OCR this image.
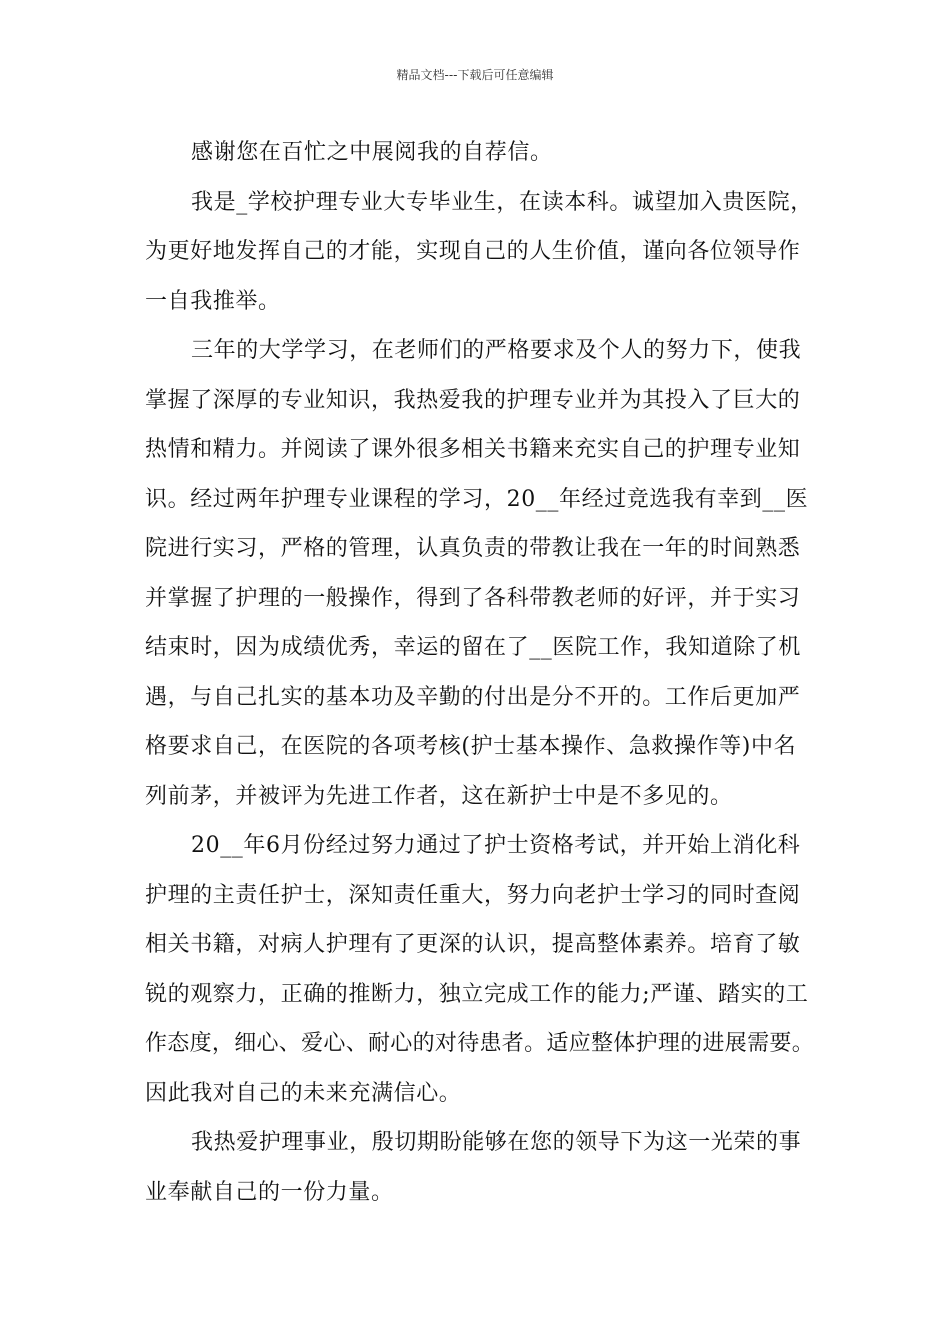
精品文档---下载后可任意编辑
感谢您在百忙之中展阅我的自荐信。
我是_学校护理专业大专毕业生，在读本科。诚望加入贵医院，
为更好地发挥自己的才能，实现自己的人生价值，谨向各位领导作
一自我推举。
三年的大学学习，在老师们的严格要求及个人的努力下，使我
掌握了深厚的专业知识，我热爱我的护理专业并为其投入了巨大的
热情和精力。并阅读了课外很多相关书籍来充实自己的护理专业知
识。经过两年护理专业课程的学习，20__年经过竞选我有幸到__医
院进行实习，严格的管理，认真负责的带教让我在一年的时间熟悉
并掌握了护理的一般操作，得到了各科带教老师的好评，并于实习
结束时，因为成绩优秀，幸运的留在了__医院工作，我知道除了机
遇，与自己扎实的基本功及辛勤的付出是分不开的。工作后更加严
格要求自己，在医院的各项考核(护士基本操作、急救操作等)中名
列前茅，并被评为先进工作者，这在新护士中是不多见的。
20__年6月份经过努力通过了护士资格考试，并开始上消化科
护理的主责任护士，深知责任重大，努力向老护士学习的同时查阅
相关书籍，对病人护理有了更深的认识，提高整体素养。培育了敏
锐的观察力，正确的推断力，独立完成工作的能力;严谨、踏实的工
作态度，细心、爱心、耐心的对待患者。适应整体护理的进展需要。
因此我对自己的未来充满信心。
我热爱护理事业，殷切期盼能够在您的领导下为这一光荣的事
业奉献自己的一份力量。
